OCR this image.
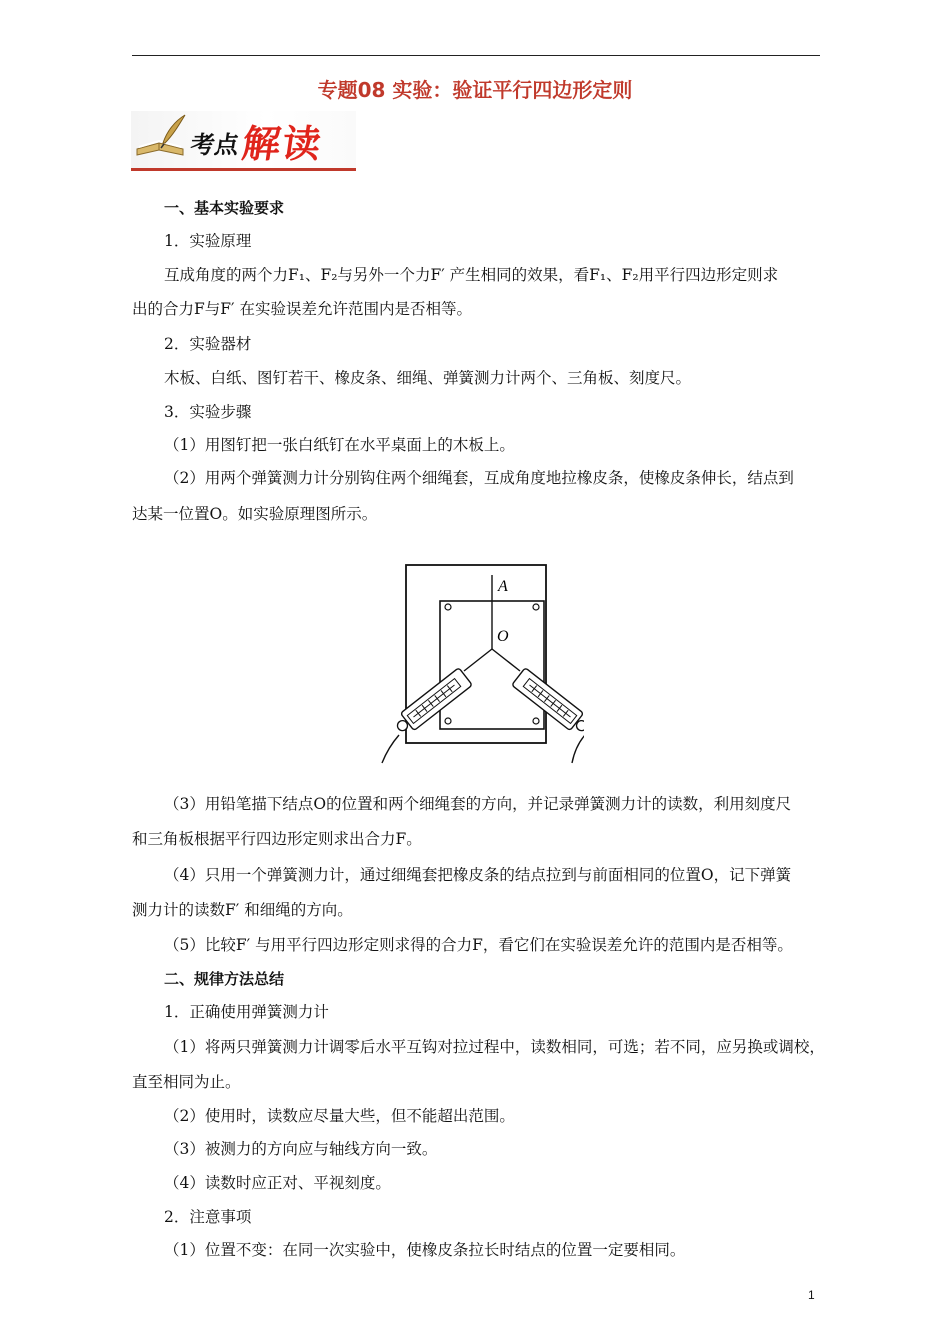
专题08 实验：验证平行四边形定则
考点
解读
一、基本实验要求
1．实验原理
互成角度的两个力F₁、F₂与另外一个力F′ 产生相同的效果，看F₁、F₂用平行四边形定则求
出的合力F与F′ 在实验误差允许范围内是否相等。
2．实验器材
木板、白纸、图钉若干、橡皮条、细绳、弹簧测力计两个、三角板、刻度尺。
3．实验步骤
（1）用图钉把一张白纸钉在水平桌面上的木板上。
（2）用两个弹簧测力计分别钩住两个细绳套，互成角度地拉橡皮条，使橡皮条伸长，结点到
达某一位置O。如实验原理图所示。
A
O
（3）用铅笔描下结点O的位置和两个细绳套的方向，并记录弹簧测力计的读数，利用刻度尺
和三角板根据平行四边形定则求出合力F。
（4）只用一个弹簧测力计，通过细绳套把橡皮条的结点拉到与前面相同的位置O，记下弹簧
测力计的读数F′ 和细绳的方向。
（5）比较F′ 与用平行四边形定则求得的合力F，看它们在实验误差允许的范围内是否相等。
二、规律方法总结
1．正确使用弹簧测力计
（1）将两只弹簧测力计调零后水平互钩对拉过程中，读数相同，可选；若不同，应另换或调校，
直至相同为止。
（2）使用时，读数应尽量大些，但不能超出范围。
（3）被测力的方向应与轴线方向一致。
（4）读数时应正对、平视刻度。
2．注意事项
（1）位置不变：在同一次实验中，使橡皮条拉长时结点的位置一定要相同。
1
